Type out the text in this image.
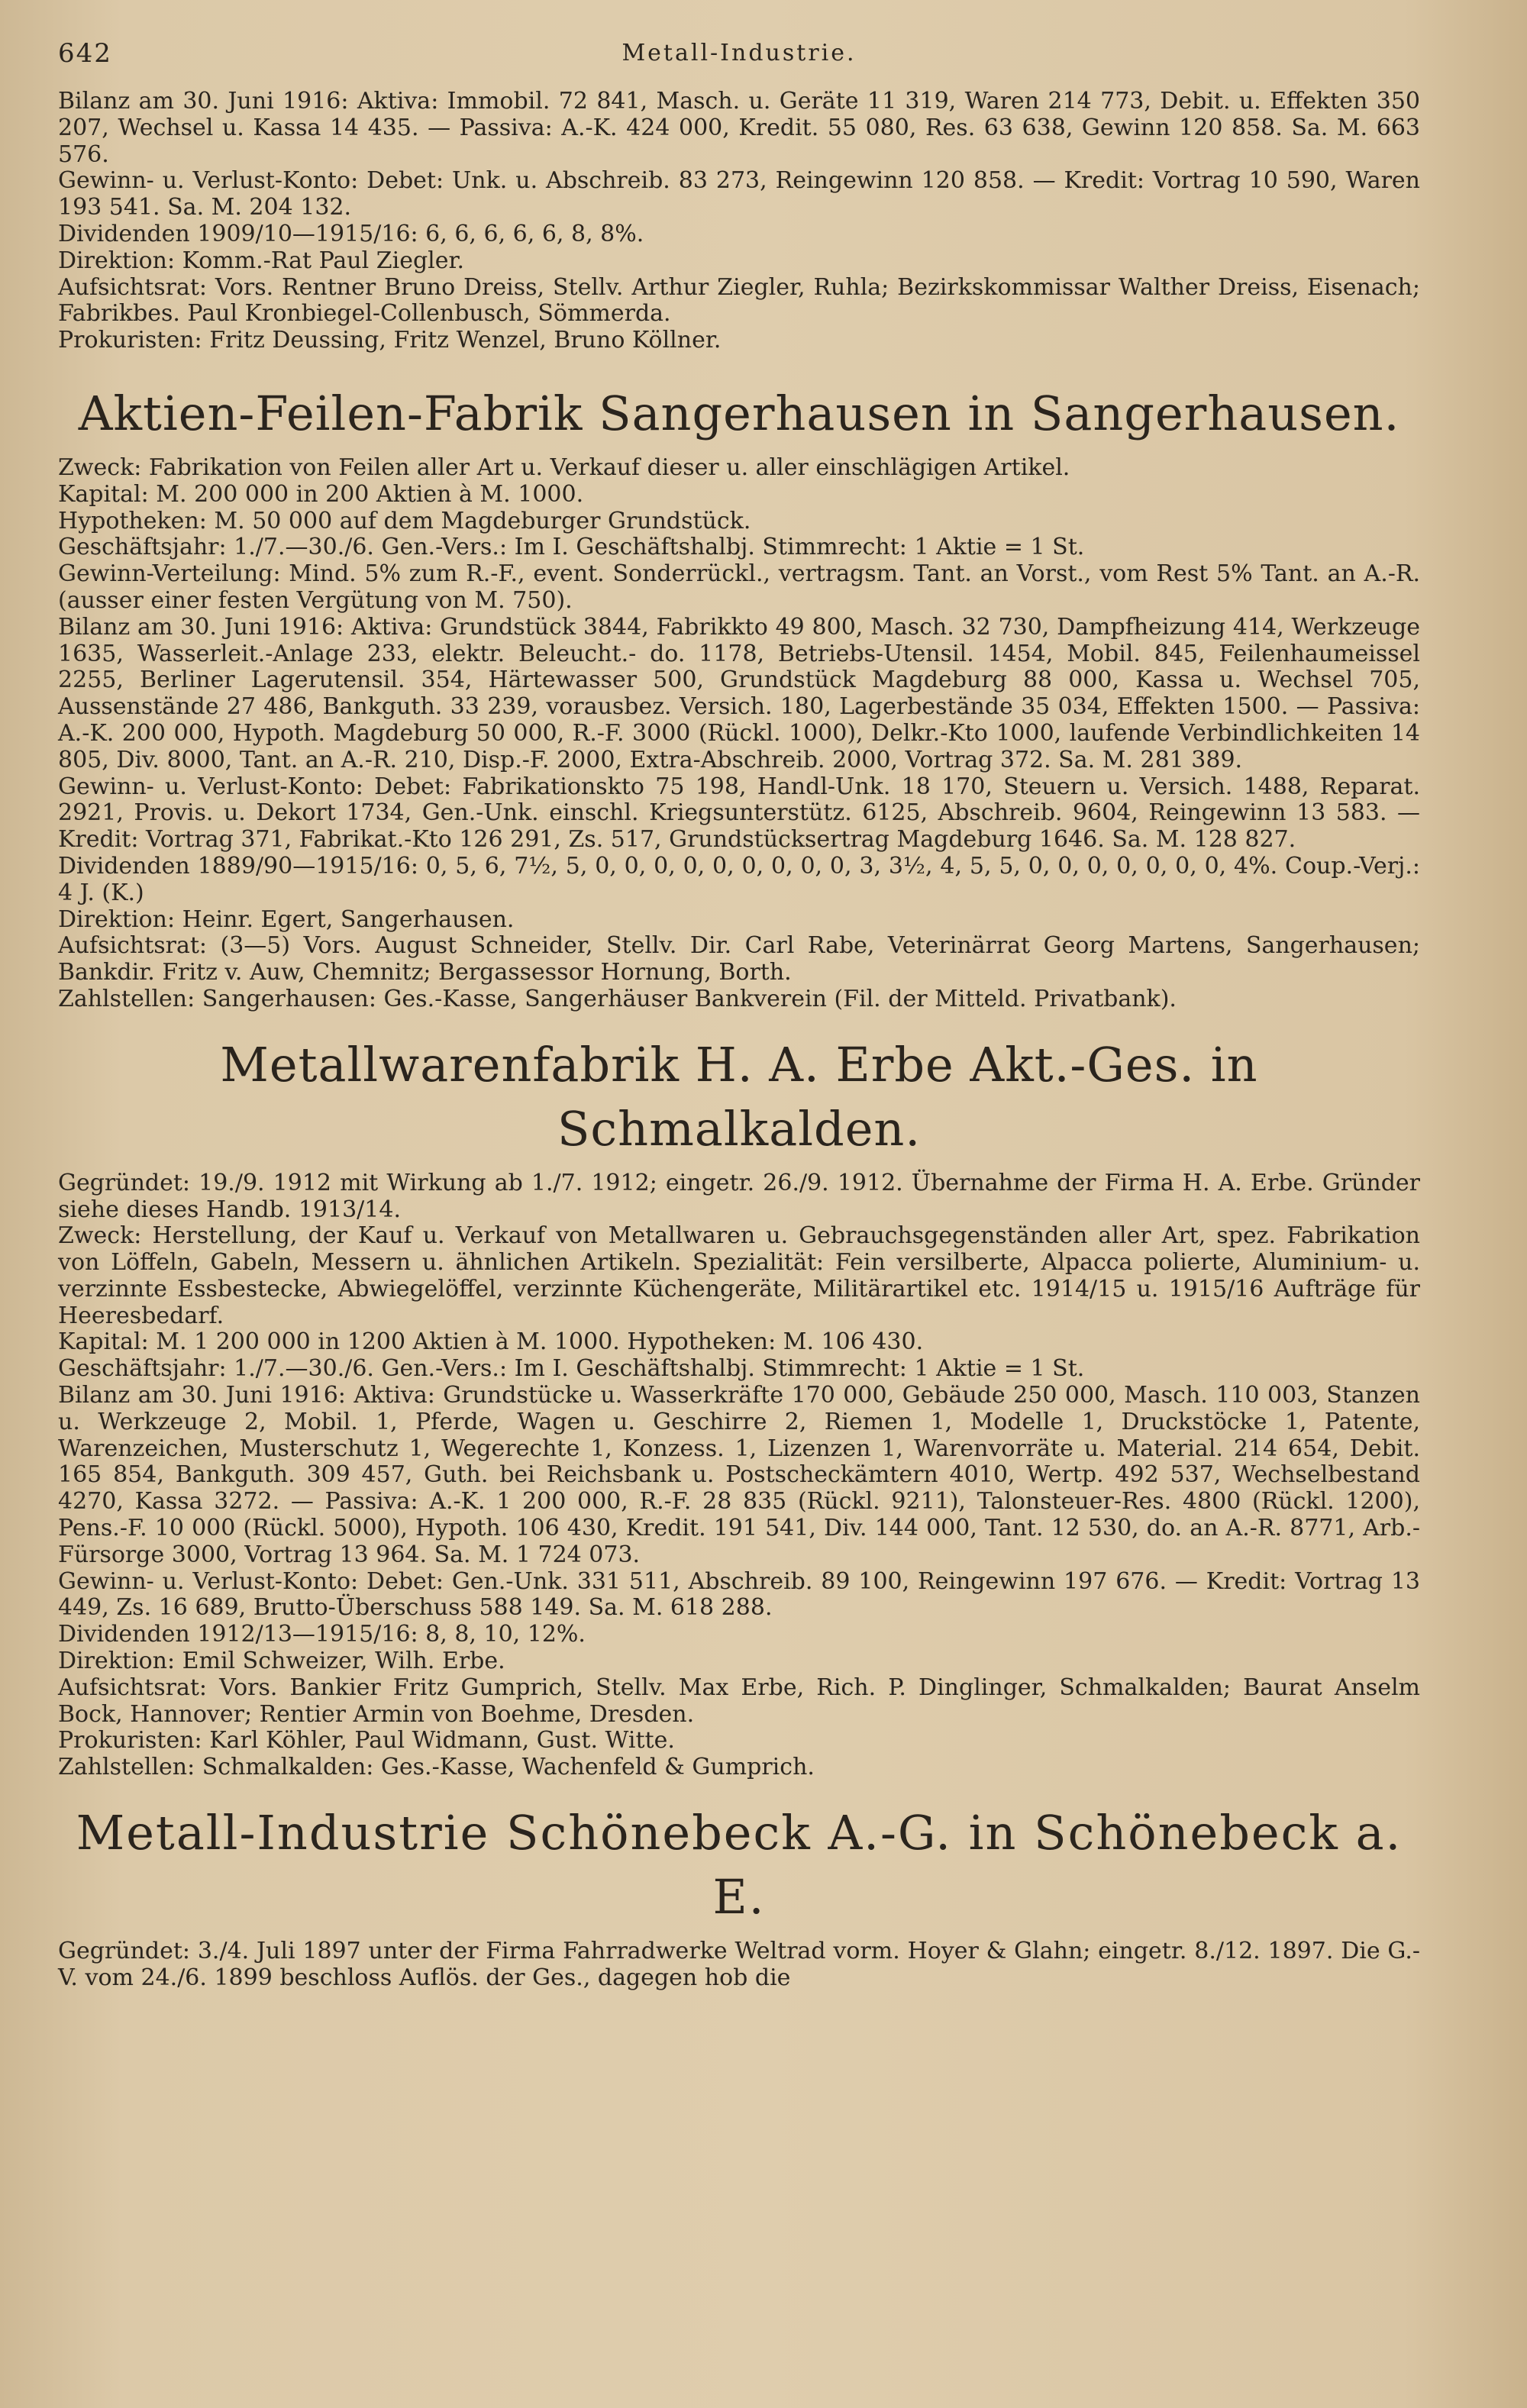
642	Metall-Industrie.

Bilanz am 30. Juni 1916: Aktiva: Immobil. 72 841, Masch. u. Geräte 11 319, Waren 214 773, Debit. u. Effekten 350 207, Wechsel u. Kassa 14 435. — Passiva: A.-K. 424 000, Kredit. 55 080, Res. 63 638, Gewinn 120 858. Sa. M. 663 576.

Gewinn- u. Verlust-Konto: Debet: Unk. u. Abschreib. 83 273, Reingewinn 120 858. — Kredit: Vortrag 10 590, Waren 193 541. Sa. M. 204 132.

Dividenden 1909/10—1915/16: 6, 6, 6, 6, 6, 8, 8%.

Direktion: Komm.-Rat Paul Ziegler.

Aufsichtsrat: Vors. Rentner Bruno Dreiss, Stellv. Arthur Ziegler, Ruhla; Bezirkskommissar Walther Dreiss, Eisenach; Fabrikbes. Paul Kronbiegel-Collenbusch, Sömmerda.

Prokuristen: Fritz Deussing, Fritz Wenzel, Bruno Köllner.

Aktien-Feilen-Fabrik Sangerhausen in Sangerhausen.

Zweck: Fabrikation von Feilen aller Art u. Verkauf dieser u. aller einschlägigen Artikel.

Kapital: M. 200 000 in 200 Aktien à M. 1000.

Hypotheken: M. 50 000 auf dem Magdeburger Grundstück.

Geschäftsjahr: 1./7.—30./6. Gen.-Vers.: Im I. Geschäftshalbj. Stimmrecht: 1 Aktie = 1 St.

Gewinn-Verteilung: Mind. 5% zum R.-F., event. Sonderrückl., vertragsm. Tant. an Vorst., vom Rest 5% Tant. an A.-R. (ausser einer festen Vergütung von M. 750).

Bilanz am 30. Juni 1916: Aktiva: Grundstück 3844, Fabrikkto 49 800, Masch. 32 730, Dampfheizung 414, Werkzeuge 1635, Wasserleit.-Anlage 233, elektr. Beleucht.- do. 1178, Betriebs-Utensil. 1454, Mobil. 845, Feilenhaumeissel 2255, Berliner Lagerutensil. 354, Härtewasser 500, Grundstück Magdeburg 88 000, Kassa u. Wechsel 705, Aussenstände 27 486, Bankguth. 33 239, vorausbez. Versich. 180, Lagerbestände 35 034, Effekten 1500. — Passiva: A.-K. 200 000, Hypoth. Magdeburg 50 000, R.-F. 3000 (Rückl. 1000), Delkr.-Kto 1000, laufende Verbindlichkeiten 14 805, Div. 8000, Tant. an A.-R. 210, Disp.-F. 2000, Extra-Abschreib. 2000, Vortrag 372. Sa. M. 281 389.

Gewinn- u. Verlust-Konto: Debet: Fabrikationskto 75 198, Handl-Unk. 18 170, Steuern u. Versich. 1488, Reparat. 2921, Provis. u. Dekort 1734, Gen.-Unk. einschl. Kriegsunterstütz. 6125, Abschreib. 9604, Reingewinn 13 583. — Kredit: Vortrag 371, Fabrikat.-Kto 126 291, Zs. 517, Grundstücksertrag Magdeburg 1646. Sa. M. 128 827.

Dividenden 1889/90—1915/16: 0, 5, 6, 7½, 5, 0, 0, 0, 0, 0, 0, 0, 0, 0, 3, 3½, 4, 5, 5, 0, 0, 0, 0, 0, 0, 0, 4%. Coup.-Verj.: 4 J. (K.)

Direktion: Heinr. Egert, Sangerhausen.

Aufsichtsrat: (3—5) Vors. August Schneider, Stellv. Dir. Carl Rabe, Veterinärrat Georg Martens, Sangerhausen; Bankdir. Fritz v. Auw, Chemnitz; Bergassessor Hornung, Borth.

Zahlstellen: Sangerhausen: Ges.-Kasse, Sangerhäuser Bankverein (Fil. der Mitteld. Privatbank).

Metallwarenfabrik H. A. Erbe Akt.-Ges. in Schmalkalden.

Gegründet: 19./9. 1912 mit Wirkung ab 1./7. 1912; eingetr. 26./9. 1912. Übernahme der Firma H. A. Erbe. Gründer siehe dieses Handb. 1913/14.

Zweck: Herstellung, der Kauf u. Verkauf von Metallwaren u. Gebrauchsgegenständen aller Art, spez. Fabrikation von Löffeln, Gabeln, Messern u. ähnlichen Artikeln. Spezialität: Fein versilberte, Alpacca polierte, Aluminium- u. verzinnte Essbestecke, Abwiegelöffel, verzinnte Küchengeräte, Militärartikel etc. 1914/15 u. 1915/16 Aufträge für Heeresbedarf.

Kapital: M. 1 200 000 in 1200 Aktien à M. 1000. Hypotheken: M. 106 430.

Geschäftsjahr: 1./7.—30./6. Gen.-Vers.: Im I. Geschäftshalbj. Stimmrecht: 1 Aktie = 1 St.

Bilanz am 30. Juni 1916: Aktiva: Grundstücke u. Wasserkräfte 170 000, Gebäude 250 000, Masch. 110 003, Stanzen u. Werkzeuge 2, Mobil. 1, Pferde, Wagen u. Geschirre 2, Riemen 1, Modelle 1, Druckstöcke 1, Patente, Warenzeichen, Musterschutz 1, Wegerechte 1, Konzess. 1, Lizenzen 1, Warenvorräte u. Material. 214 654, Debit. 165 854, Bankguth. 309 457, Guth. bei Reichsbank u. Postscheckämtern 4010, Wertp. 492 537, Wechselbestand 4270, Kassa 3272. — Passiva: A.-K. 1 200 000, R.-F. 28 835 (Rückl. 9211), Talonsteuer-Res. 4800 (Rückl. 1200), Pens.-F. 10 000 (Rückl. 5000), Hypoth. 106 430, Kredit. 191 541, Div. 144 000, Tant. 12 530, do. an A.-R. 8771, Arb.-Fürsorge 3000, Vortrag 13 964. Sa. M. 1 724 073.

Gewinn- u. Verlust-Konto: Debet: Gen.-Unk. 331 511, Abschreib. 89 100, Reingewinn 197 676. — Kredit: Vortrag 13 449, Zs. 16 689, Brutto-Überschuss 588 149. Sa. M. 618 288.

Dividenden 1912/13—1915/16: 8, 8, 10, 12%.

Direktion: Emil Schweizer, Wilh. Erbe.

Aufsichtsrat: Vors. Bankier Fritz Gumprich, Stellv. Max Erbe, Rich. P. Dinglinger, Schmalkalden; Baurat Anselm Bock, Hannover; Rentier Armin von Boehme, Dresden.

Prokuristen: Karl Köhler, Paul Widmann, Gust. Witte.

Zahlstellen: Schmalkalden: Ges.-Kasse, Wachenfeld & Gumprich.

Metall-Industrie Schönebeck A.-G. in Schönebeck a. E.

Gegründet: 3./4. Juli 1897 unter der Firma Fahrradwerke Weltrad vorm. Hoyer & Glahn; eingetr. 8./12. 1897. Die G.-V. vom 24./6. 1899 beschloss Auflös. der Ges., dagegen hob die
